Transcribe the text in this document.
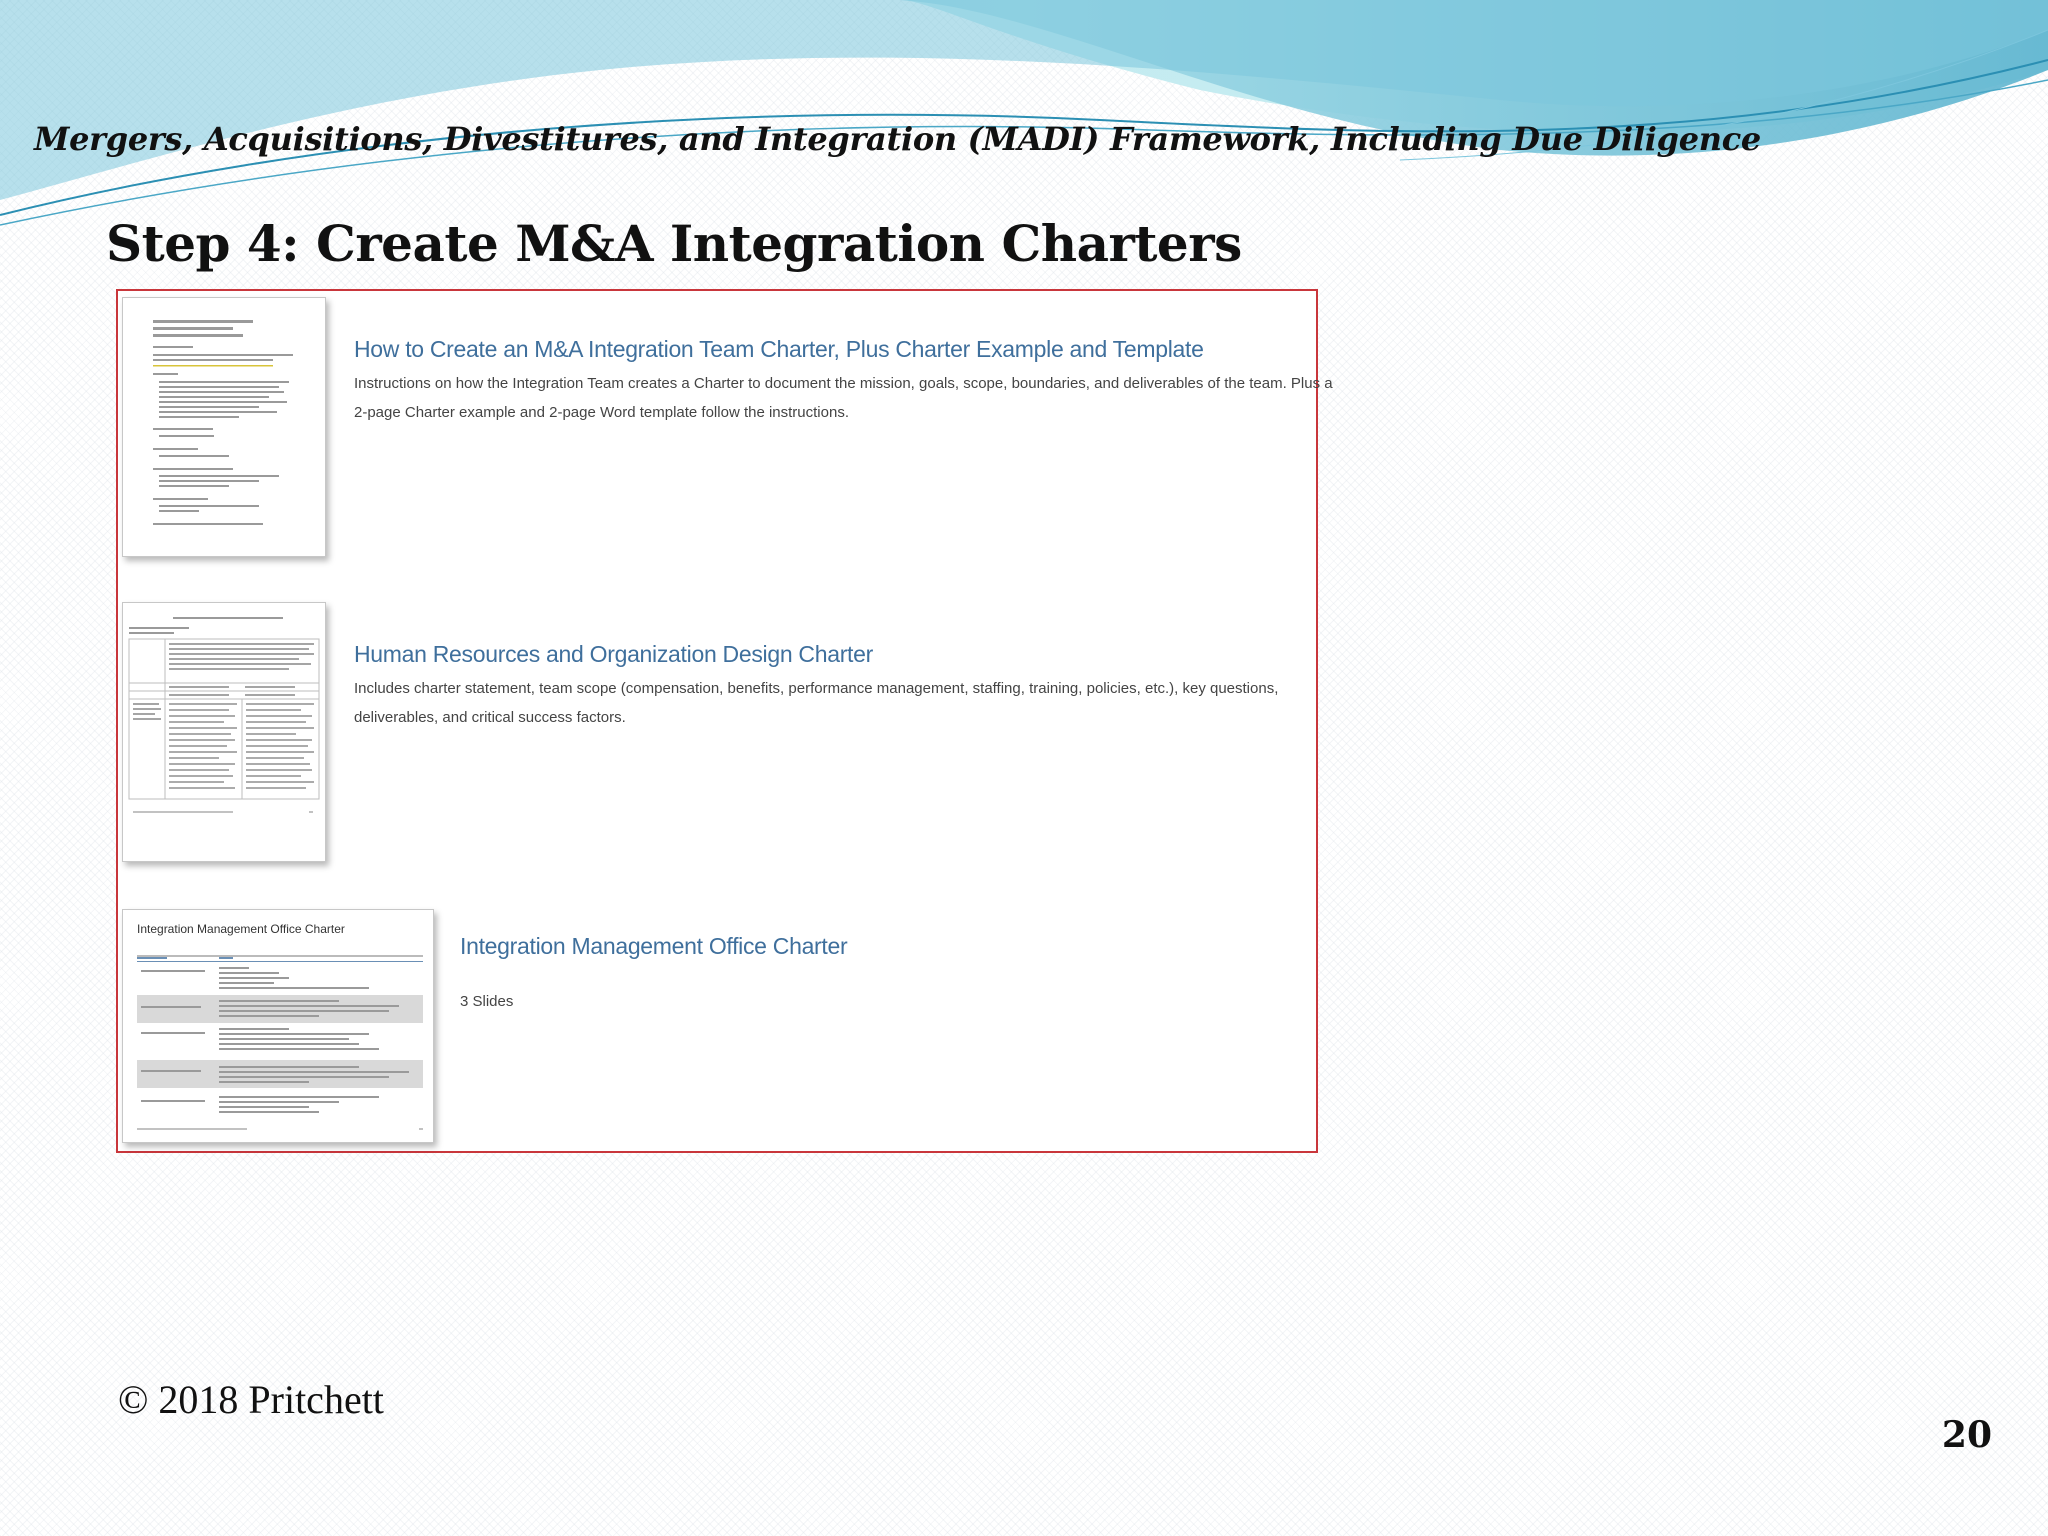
Mergers, Acquisitions, Divestitures, and Integration (MADI) Framework, Including Due Diligence
Step 4: Create M&A Integration Charters
How to Create an M&A Integration Team Charter, Plus Charter Example and Template
Instructions on how the Integration Team creates a Charter to document the mission, goals, scope, boundaries, and deliverables of the team. Plus a 2-page Charter example and 2-page Word template follow the instructions.
Human Resources and Organization Design Charter
Includes charter statement, team scope (compensation, benefits, performance management, staffing, training, policies, etc.), key questions, deliverables, and critical success factors.
Integration Management Office Charter
Integration Management Office Charter
3 Slides
© 2018 Pritchett
20
